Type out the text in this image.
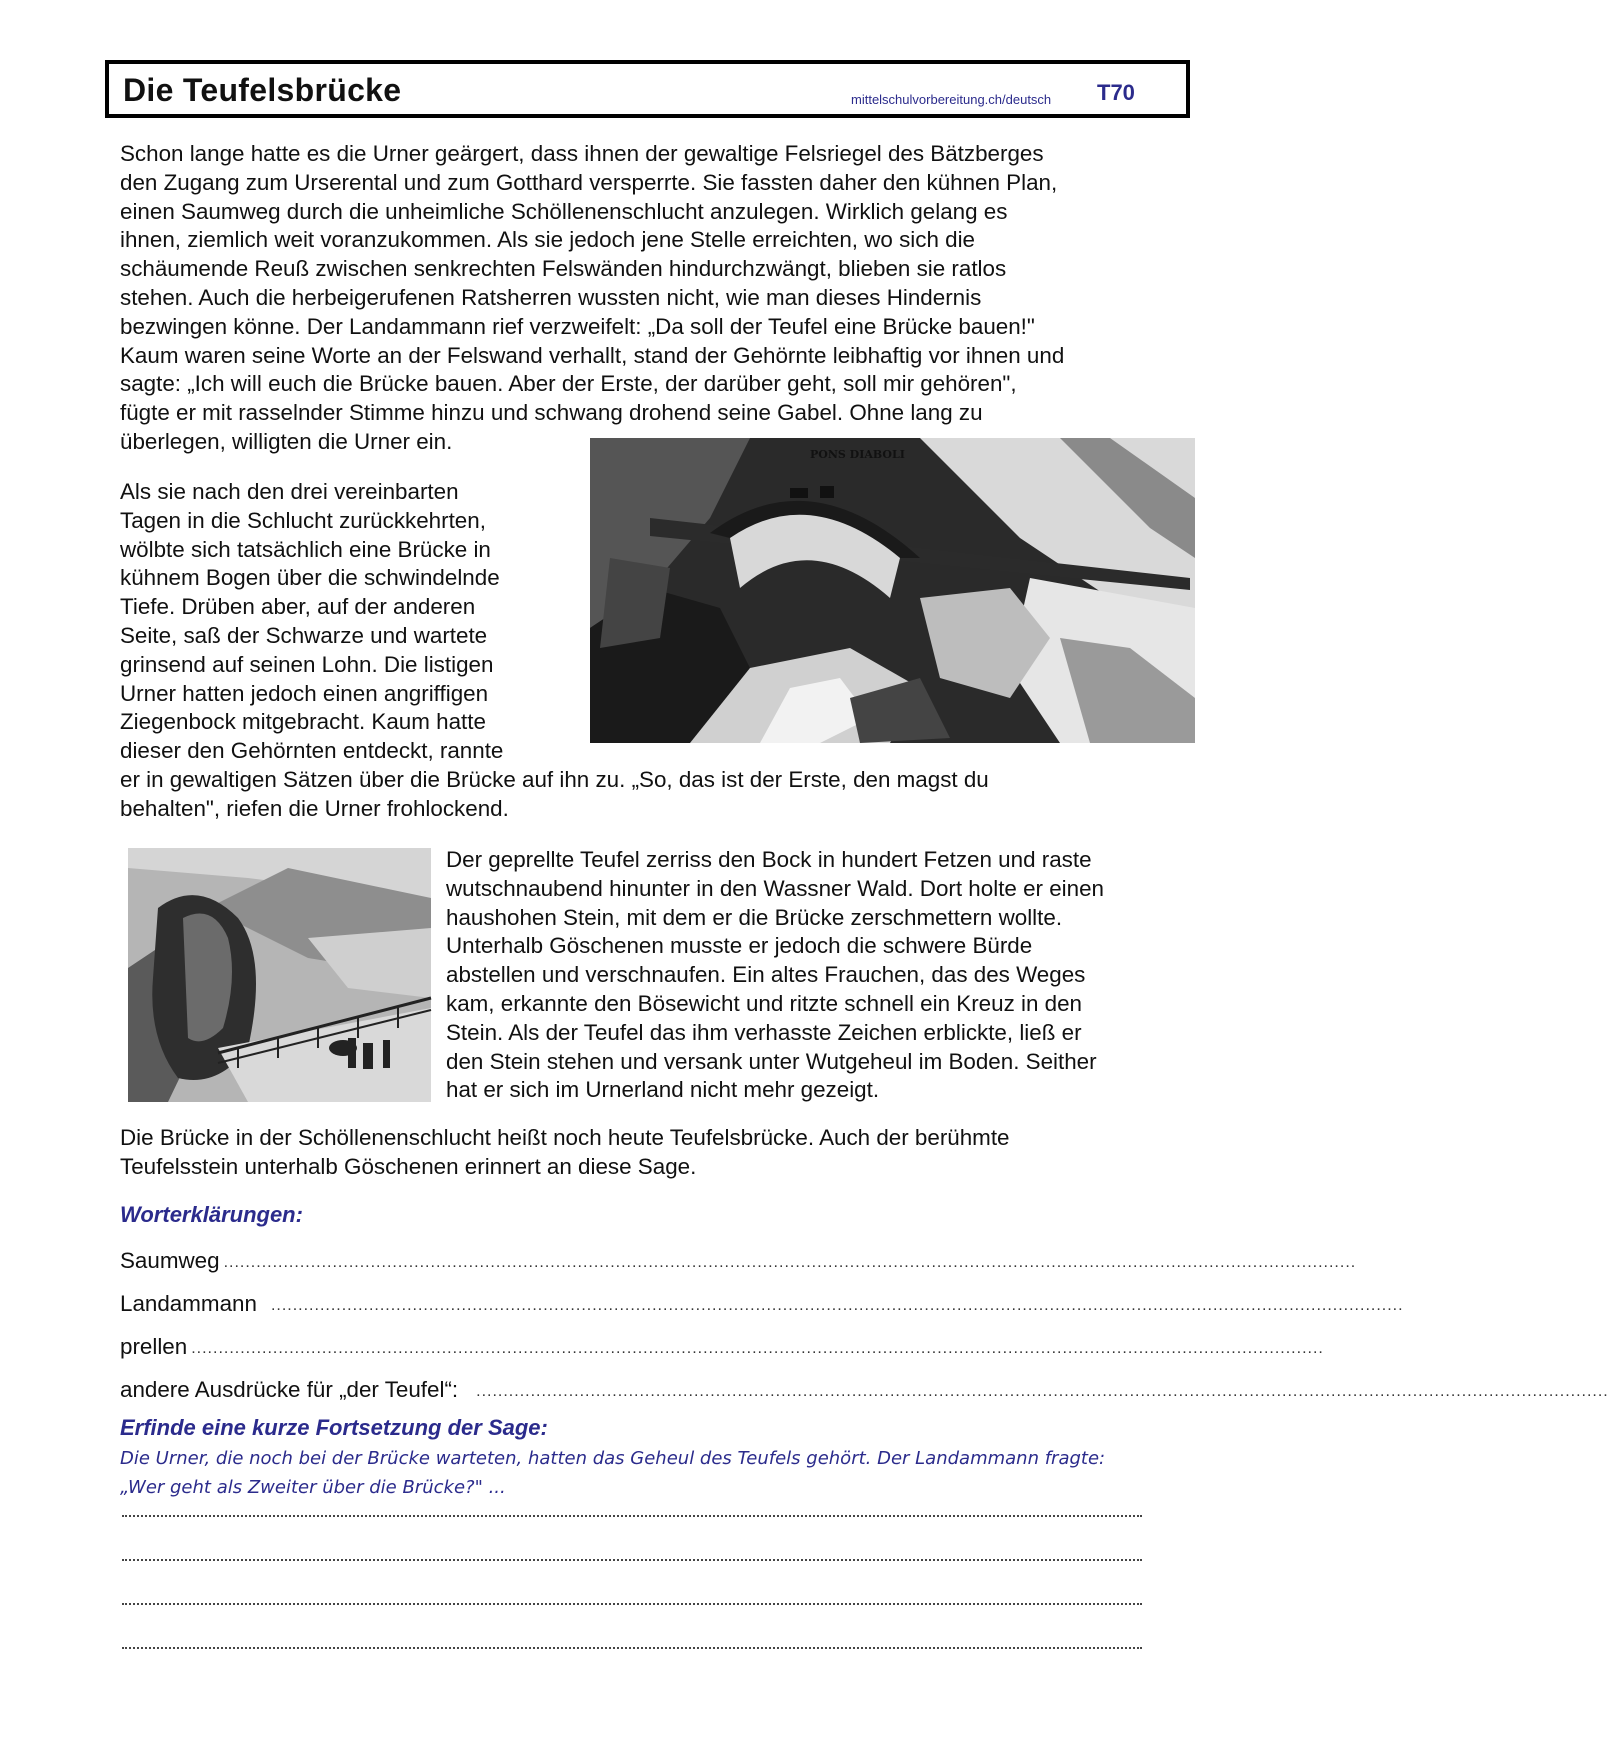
Die Teufelsbrücke	mittelschulvorbereitung.ch/deutsch T70
Schon lange hatte es die Urner geärgert, dass ihnen der gewaltige Felsriegel des Bätzberges
den Zugang zum Urserental und zum Gotthard versperrte. Sie fassten daher den kühnen Plan,
einen Saumweg durch die unheimliche Schöllenenschlucht anzulegen. Wirklich gelang es
ihnen, ziemlich weit voranzukommen. Als sie jedoch jene Stelle erreichten, wo sich die
schäumende Reuß zwischen senkrechten Felswänden hindurchzwängt, blieben sie ratlos
stehen. Auch die herbeigerufenen Ratsherren wussten nicht, wie man dieses Hindernis
bezwingen könne. Der Landammann rief verzweifelt: „Da soll der Teufel eine Brücke bauen!"
Kaum waren seine Worte an der Felswand verhallt, stand der Gehörnte leibhaftig vor ihnen und
sagte: „Ich will euch die Brücke bauen. Aber der Erste, der darüber geht, soll mir gehören",
fügte er mit rasselnder Stimme hinzu und schwang drohend seine Gabel. Ohne lang zu
überlegen, willigten die Urner ein.
PONS DIABOLI
Als sie nach den drei vereinbarten
Tagen in die Schlucht zurückkehrten,
wölbte sich tatsächlich eine Brücke in
kühnem Bogen über die schwindelnde
Tiefe. Drüben aber, auf der anderen
Seite, saß der Schwarze und wartete
grinsend auf seinen Lohn. Die listigen
Urner hatten jedoch einen angriffigen
Ziegenbock mitgebracht. Kaum hatte
dieser den Gehörnten entdeckt, rannte
er in gewaltigen Sätzen über die Brücke auf ihn zu. „So, das ist der Erste, den magst du
behalten", riefen die Urner frohlockend.
Der geprellte Teufel zerriss den Bock in hundert Fetzen und raste
wutschnaubend hinunter in den Wassner Wald. Dort holte er einen
haushohen Stein, mit dem er die Brücke zerschmettern wollte.
Unterhalb Göschenen musste er jedoch die schwere Bürde
abstellen und verschnaufen. Ein altes Frauchen, das des Weges
kam, erkannte den Bösewicht und ritzte schnell ein Kreuz in den
Stein. Als der Teufel das ihm verhasste Zeichen erblickte, ließ er
den Stein stehen und versank unter Wutgeheul im Boden. Seither
hat er sich im Urnerland nicht mehr gezeigt.
Die Brücke in der Schöllenenschlucht heißt noch heute Teufelsbrücke. Auch der berühmte
Teufelsstein unterhalb Göschenen erinnert an diese Sage.
Worterklärungen:
Saumweg ................................................................................................................................................................................................................
Landammann ................................................................................................................................................................................................................
prellen ................................................................................................................................................................................................................
andere Ausdrücke für „der Teufel“: ................................................................................................................................................................................................................
Erfinde eine kurze Fortsetzung der Sage:
Die Urner, die noch bei der Brücke warteten, hatten das Geheul des Teufels gehört. Der Landammann fragte:
„Wer geht als Zweiter über die Brücke?" ...
